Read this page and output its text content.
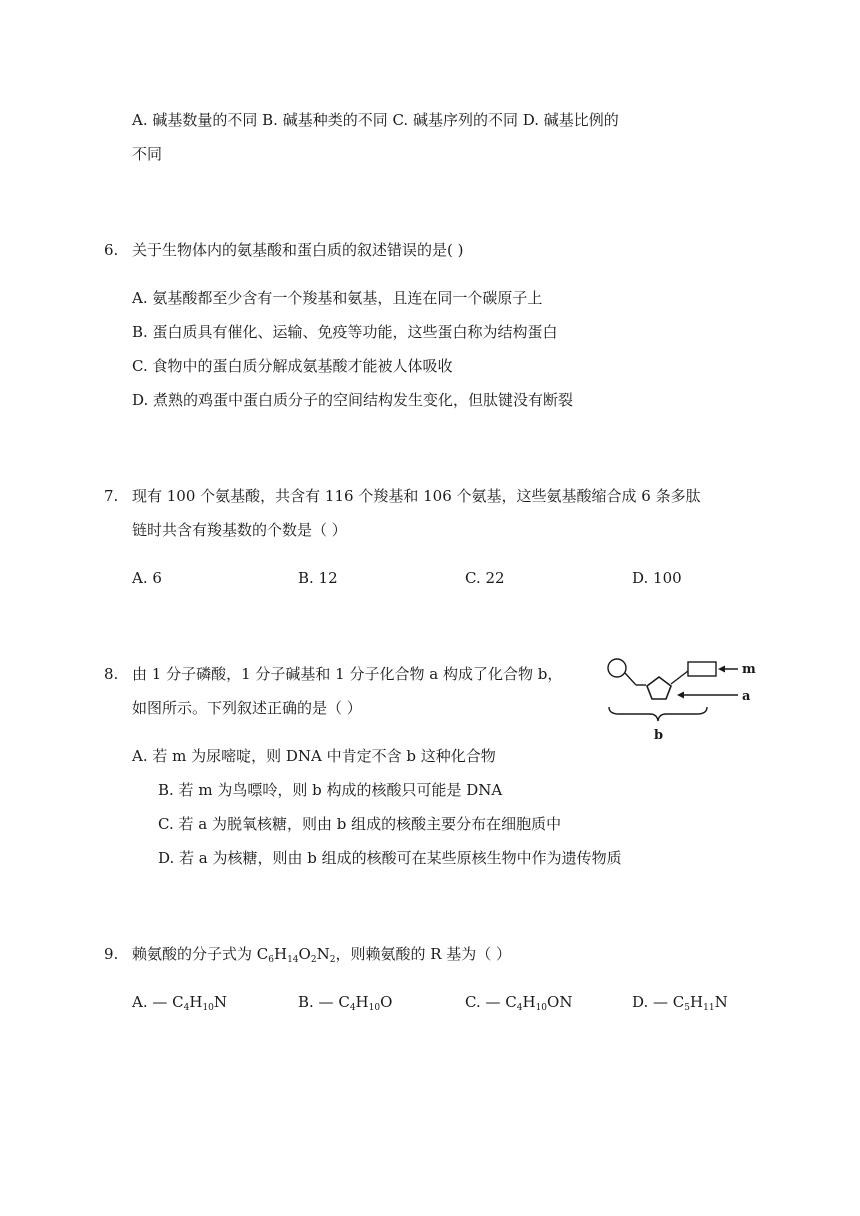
A. 碱基数量的不同 B. 碱基种类的不同 C. 碱基序列的不同 D. 碱基比例的
不同
6. 关于生物体内的氨基酸和蛋白质的叙述错误的是( )
A. 氨基酸都至少含有一个羧基和氨基，且连在同一个碳原子上
B. 蛋白质具有催化、运输、免疫等功能，这些蛋白称为结构蛋白
C. 食物中的蛋白质分解成氨基酸才能被人体吸收
D. 煮熟的鸡蛋中蛋白质分子的空间结构发生变化，但肽键没有断裂
7. 现有 100 个氨基酸，共含有 116 个羧基和 106 个氨基，这些氨基酸缩合成 6 条多肽
链时共含有羧基数的个数是（ ）
A. 6	B. 12	C. 22	D. 100
8. 由 1 分子磷酸，1 分子碱基和 1 分子化合物 a 构成了化合物 b，
如图所示。下列叙述正确的是（ ）
m
a
b
A. 若 m 为尿嘧啶，则 DNA 中肯定不含 b 这种化合物
B. 若 m 为鸟嘌呤，则 b 构成的核酸只可能是 DNA
C. 若 a 为脱氧核糖，则由 b 组成的核酸主要分布在细胞质中
D. 若 a 为核糖，则由 b 组成的核酸可在某些原核生物中作为遗传物质
9. 赖氨酸的分子式为 $C_6H_{14}O_2N_2$，则赖氨酸的 R 基为（ ）
A. — $C_4H_{10}N$	B. — $C_4H_{10}O$	C. — $C_4H_{10}ON$	D. — $C_5H_{11}N$
